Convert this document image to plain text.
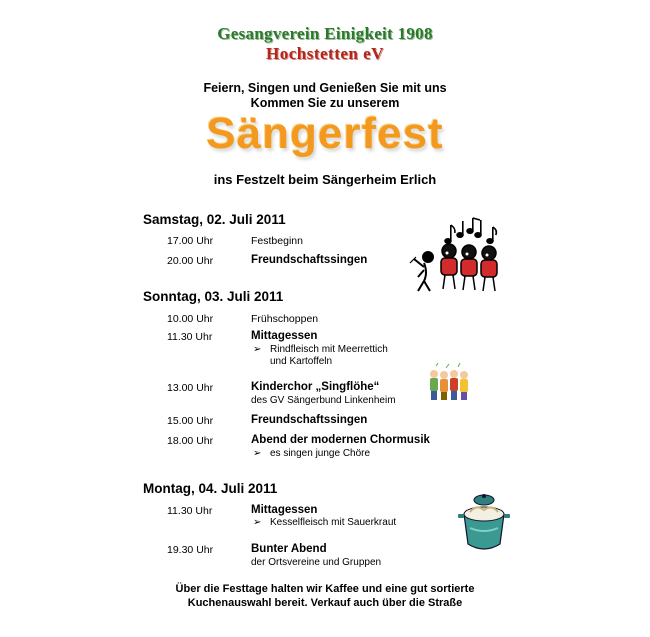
Gesangverein Einigkeit 1908
Hochstetten eV
Feiern, Singen und Genießen Sie mit uns
Kommen Sie zu unserem
Sängerfest
ins Festzelt beim Sängerheim Erlich
Samstag, 02. Juli 2011
17.00 Uhr	Festbeginn
20.00 Uhr	Freundschaftssingen
Sonntag, 03. Juli 2011
10.00 Uhr	Frühschoppen
11.30 Uhr	Mittagessen
➢ Rindfleisch mit Meerrettich
und Kartoffeln
13.00 Uhr	Kinderchor „Singflöhe“
des GV Sängerbund Linkenheim
15.00 Uhr	Freundschaftssingen
18.00 Uhr	Abend der modernen Chormusik
➢ es singen junge Chöre
Montag, 04. Juli 2011
11.30 Uhr	Mittagessen
➢ Kesselfleisch mit Sauerkraut
19.30 Uhr	Bunter Abend
der Ortsvereine und Gruppen
Über die Festtage halten wir Kaffee und eine gut sortierte
Kuchenauswahl bereit. Verkauf auch über die Straße
